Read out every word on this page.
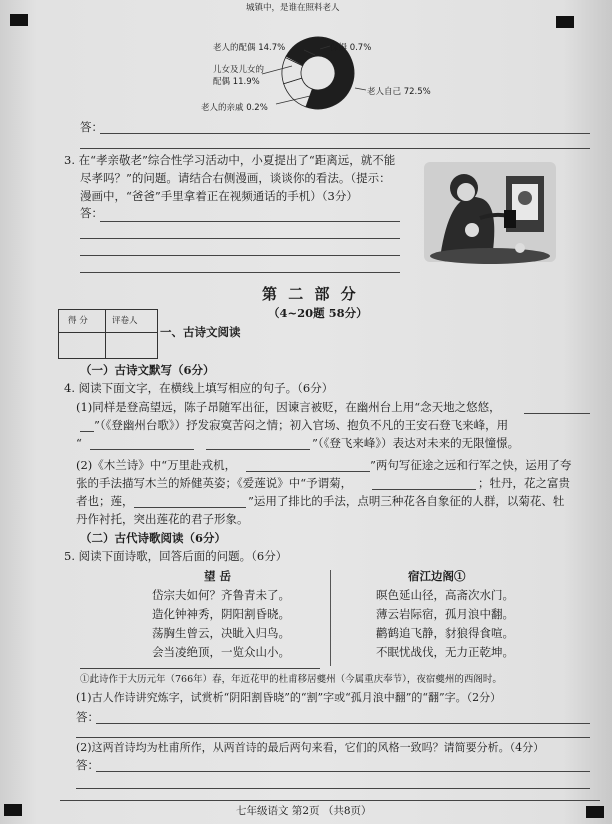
城镇中，是谁在照料老人
老人的配偶 14.7%	保姆 0.7%
儿女及儿女的
配偶 11.9%
老人自己 72.5%
老人的亲戚 0.2%
答：
3. 在“孝亲敬老”综合性学习活动中，小夏提出了“距离远，就不能
尽孝吗？”的问题。请结合右侧漫画，谈谈你的看法。（提示：
漫画中，“爸爸”手里拿着正在视频通话的手机）（3分）
答：
第 二 部 分
（4~20题 58分）
得 分	评卷人
一、古诗文阅读
（一）古诗文默写（6分）
4. 阅读下面文字，在横线上填写相应的句子。（6分）
(1)同样是登高望远，陈子昂随军出征，因谏言被贬，在幽州台上用“念天地之悠悠，
”（《登幽州台歌》）抒发寂寞苦闷之情；初入官场、抱负不凡的王安石登飞来峰，用
“	”（《登飞来峰》）表达对未来的无限憧憬。
(2)《木兰诗》中“万里赴戎机，	”两句写征途之远和行军之快，运用了夸
张的手法描写木兰的矫健英姿；《爱莲说》中“予谓菊，	；牡丹，花之富贵
者也；莲，	”运用了排比的手法，点明三种花各自象征的人群，以菊花、牡
丹作衬托，突出莲花的君子形象。
（二）古代诗歌阅读（6分）
5. 阅读下面诗歌，回答后面的问题。（6分）
望 岳
岱宗夫如何？齐鲁青未了。
造化钟神秀，阴阳割昏晓。
荡胸生曾云，决眦入归鸟。
会当凌绝顶，一览众山小。
宿江边阁①
暝色延山径，高斋次水门。
薄云岩际宿，孤月浪中翻。
鹳鹤追飞静，豺狼得食喧。
不眠忧战伐，无力正乾坤。
①此诗作于大历元年（766年）春，年近花甲的杜甫移居夔州（今属重庆奉节），夜宿夔州的西阁时。
(1)古人作诗讲究炼字，试赏析“阴阳割昏晓”的“割”字或“孤月浪中翻”的“翻”字。（2分）
答：
(2)这两首诗均为杜甫所作，从两首诗的最后两句来看，它们的风格一致吗？请简要分析。（4分）
答：
七年级语文 第2页 （共8页）
